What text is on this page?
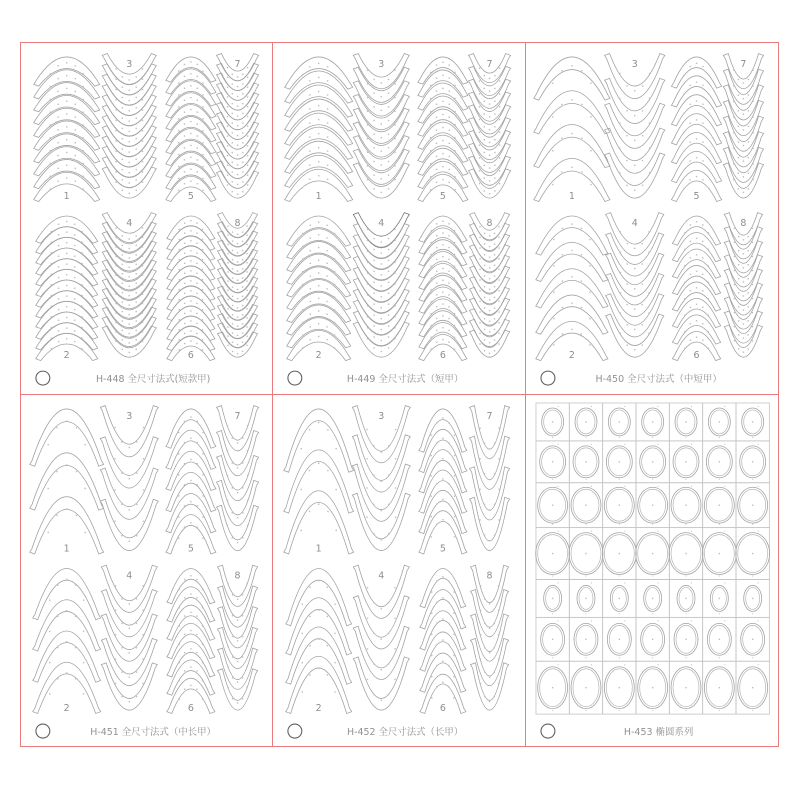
1
3
5
7
2
4
6
8
H-448 全尺寸法式(短款甲)
1
3
5
7
2
4
6
8
H-449 全尺寸法式（短甲）
1
3
5
7
2
4
6
8
H-450 全尺寸法式（中短甲）
1
3
5
7
2
4
6
8
H-451 全尺寸法式（中长甲）
1
3
5
7
2
4
6
8
H-452 全尺寸法式（长甲）	H-453 椭圆系列
